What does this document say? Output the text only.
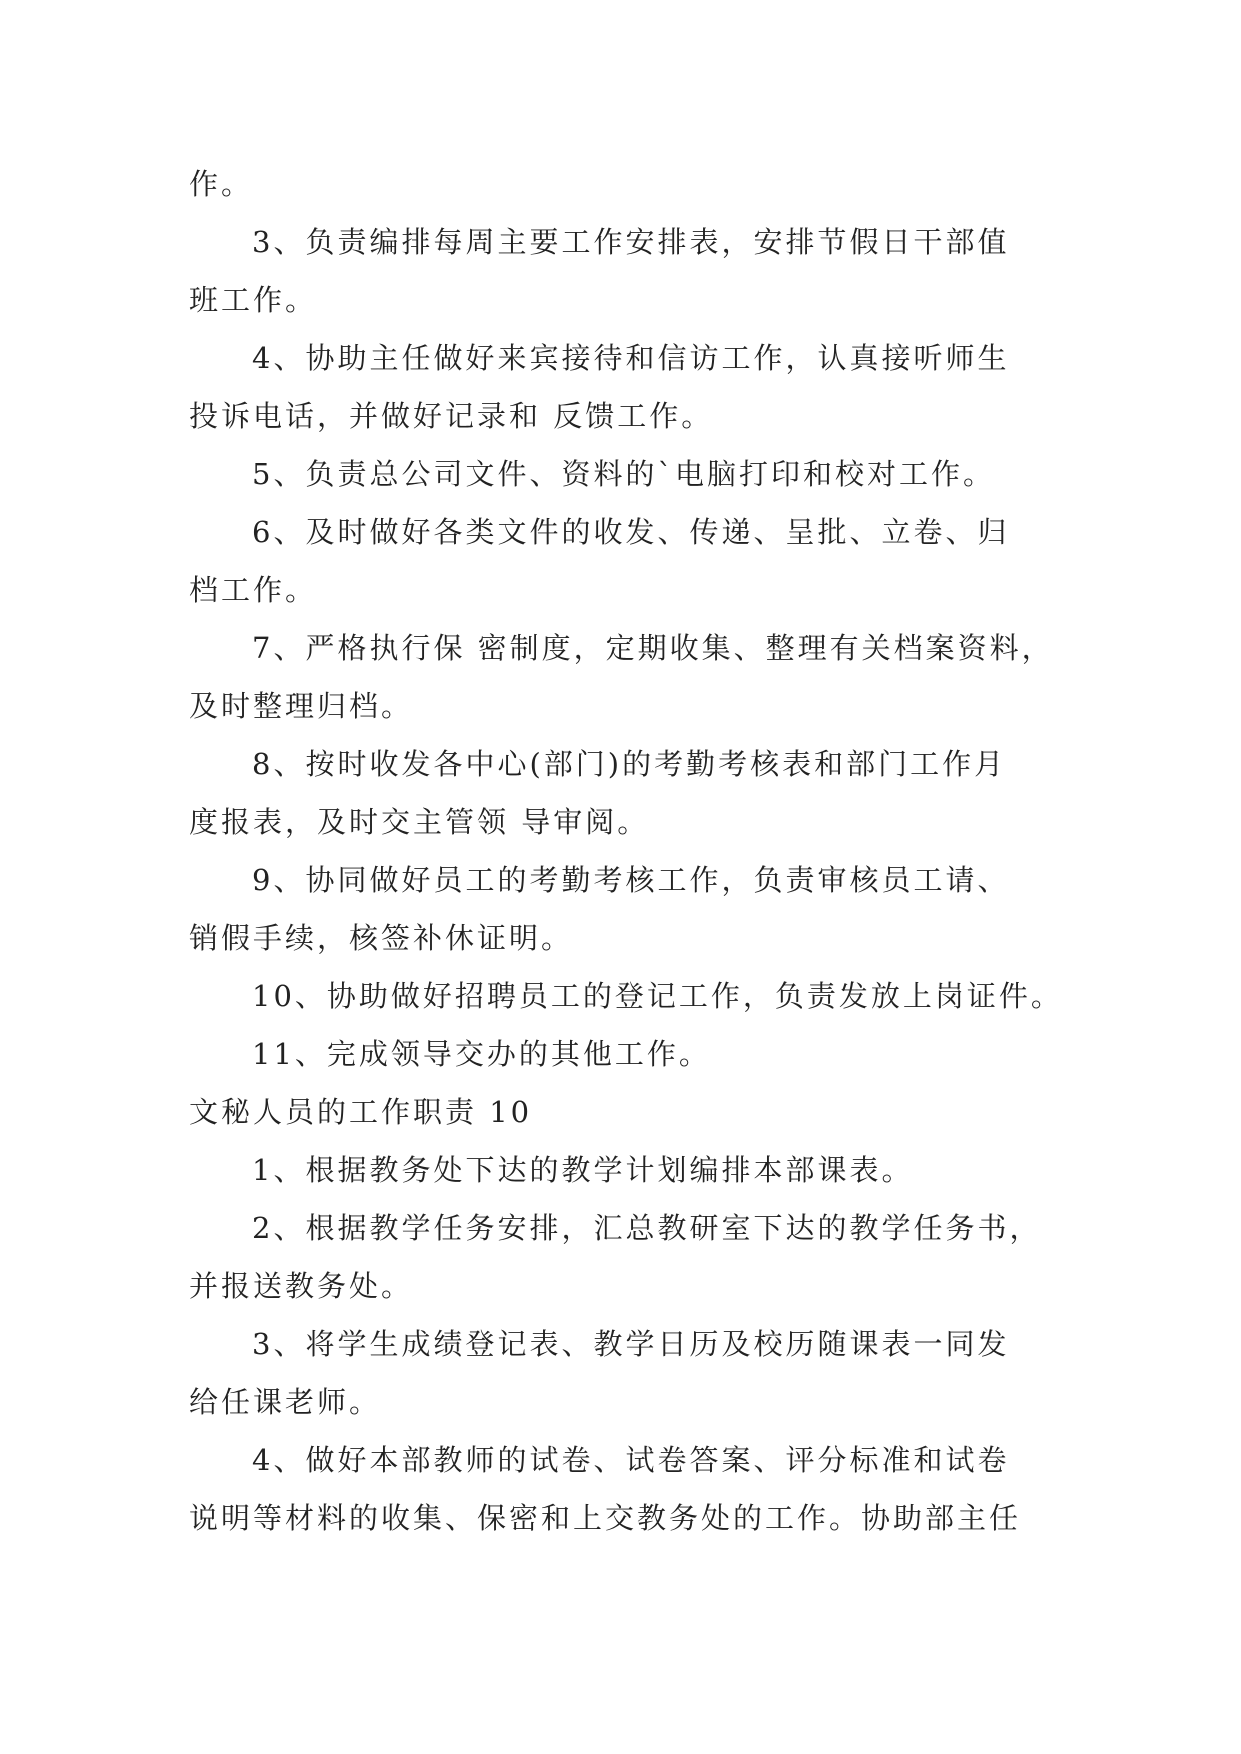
作。
3、负责编排每周主要工作安排表，安排节假日干部值
班工作。
4、协助主任做好来宾接待和信访工作，认真接听师生
投诉电话，并做好记录和 反馈工作。
5、负责总公司文件、资料的`电脑打印和校对工作。
6、及时做好各类文件的收发、传递、呈批、立卷、归
档工作。
7、严格执行保 密制度，定期收集、整理有关档案资料，
及时整理归档。
8、按时收发各中心(部门)的考勤考核表和部门工作月
度报表，及时交主管领 导审阅。
9、协同做好员工的考勤考核工作，负责审核员工请、
销假手续，核签补休证明。
10、协助做好招聘员工的登记工作，负责发放上岗证件。
11、完成领导交办的其他工作。
文秘人员的工作职责 10
1、根据教务处下达的教学计划编排本部课表。
2、根据教学任务安排，汇总教研室下达的教学任务书，
并报送教务处。
3、将学生成绩登记表、教学日历及校历随课表一同发
给任课老师。
4、做好本部教师的试卷、试卷答案、评分标准和试卷
说明等材料的收集、保密和上交教务处的工作。协助部主任
